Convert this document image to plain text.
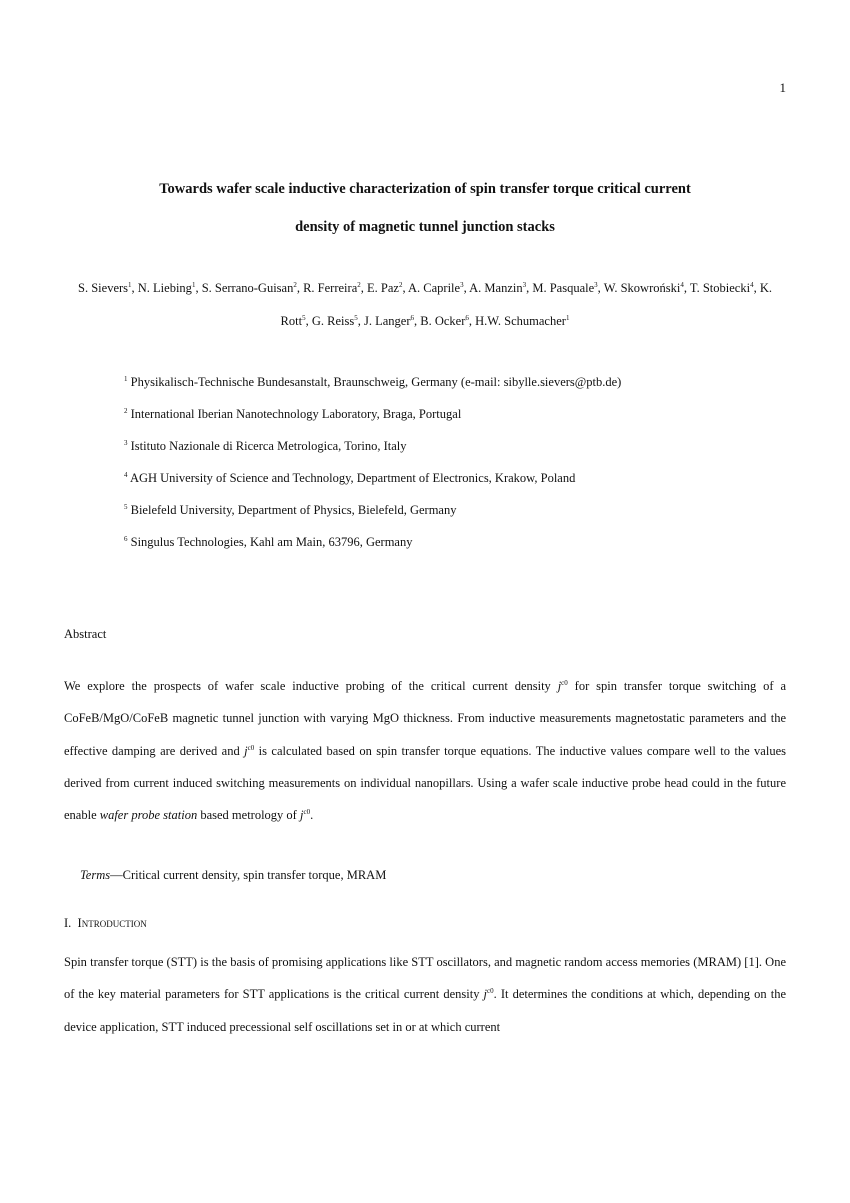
1
Towards wafer scale inductive characterization of spin transfer torque critical current
density of magnetic tunnel junction stacks
S. Sievers$^1$, N. Liebing$^1$, S. Serrano-Guisan$^2$, R. Ferreira$^2$, E. Paz$^2$, A. Caprile$^3$, A. Manzin$^3$, M. Pasquale$^3$, W. Skowroński$^4$, T. Stobiecki$^4$, K. Rott$^5$, G. Reiss$^5$, J. Langer$^6$, B. Ocker$^6$, H.W. Schumacher$^1$
$^1$ Physikalisch-Technische Bundesanstalt, Braunschweig, Germany (e-mail: sibylle.sievers@ptb.de)
$^2$ International Iberian Nanotechnology Laboratory, Braga, Portugal
$^3$ Istituto Nazionale di Ricerca Metrologica, Torino, Italy
$^4$ AGH University of Science and Technology, Department of Electronics, Krakow, Poland
$^5$ Bielefeld University, Department of Physics, Bielefeld, Germany
$^6$ Singulus Technologies, Kahl am Main, 63796, Germany
Abstract
We explore the prospects of wafer scale inductive probing of the critical current density $j^{c0}$ for spin transfer torque switching of a CoFeB/MgO/CoFeB magnetic tunnel junction with varying MgO thickness. From inductive measurements magnetostatic parameters and the effective damping are derived and $j^{c0}$ is calculated based on spin transfer torque equations. The inductive values compare well to the values derived from current induced switching measurements on individual nanopillars. Using a wafer scale inductive probe head could in the future enable wafer probe station based metrology of $j^{c0}$.
Terms—Critical current density, spin transfer torque, MRAM
I.  Introduction
Spin transfer torque (STT) is the basis of promising applications like STT oscillators, and magnetic random access memories (MRAM) [1]. One of the key material parameters for STT applications is the critical current density $j^{c0}$. It determines the conditions at which, depending on the device application, STT induced precessional self oscillations set in or at which current
